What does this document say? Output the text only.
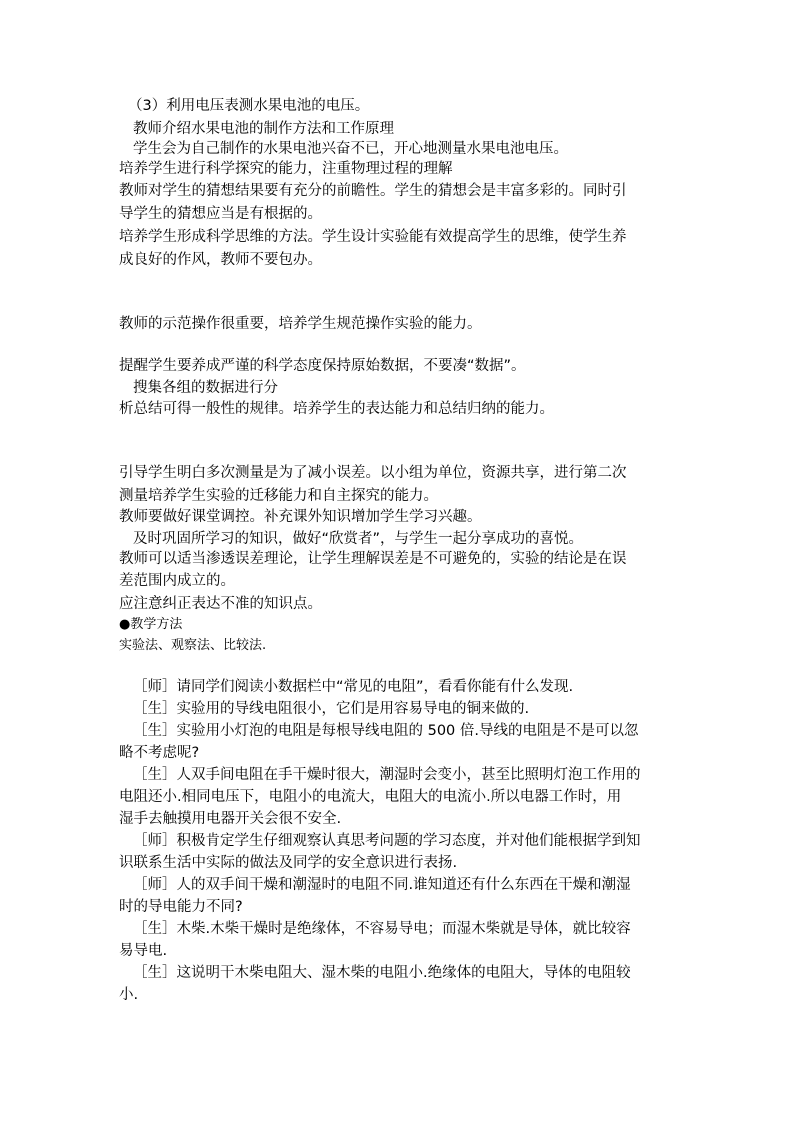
（3）利用电压表测水果电池的电压。
教师介绍水果电池的制作方法和工作原理
学生会为自己制作的水果电池兴奋不已，开心地测量水果电池电压。
培养学生进行科学探究的能力，注重物理过程的理解
教师对学生的猜想结果要有充分的前瞻性。学生的猜想会是丰富多彩的。同时引
导学生的猜想应当是有根据的。
培养学生形成科学思维的方法。学生设计实验能有效提高学生的思维，使学生养
成良好的作风，教师不要包办。
教师的示范操作很重要，培养学生规范操作实验的能力。
提醒学生要养成严谨的科学态度保持原始数据，不要凑“数据”。
搜集各组的数据进行分
析总结可得一般性的规律。培养学生的表达能力和总结归纳的能力。
引导学生明白多次测量是为了减小误差。以小组为单位，资源共享，进行第二次
测量培养学生实验的迁移能力和自主探究的能力。
教师要做好课堂调控。补充课外知识增加学生学习兴趣。
及时巩固所学习的知识，做好“欣赏者”，与学生一起分享成功的喜悦。
教师可以适当渗透误差理论，让学生理解误差是不可避免的，实验的结论是在误
差范围内成立的。
应注意纠正表达不准的知识点。
●教学方法
实验法、观察法、比较法.
［师］请同学们阅读小数据栏中“常见的电阻”，看看你能有什么发现.
［生］实验用的导线电阻很小，它们是用容易导电的铜来做的.
［生］实验用小灯泡的电阻是每根导线电阻的 500 倍.导线的电阻是不是可以忽
略不考虑呢?
［生］人双手间电阻在手干燥时很大，潮湿时会变小，甚至比照明灯泡工作用的
电阻还小.相同电压下，电阻小的电流大，电阻大的电流小.所以电器工作时，用
湿手去触摸用电器开关会很不安全.
［师］积极肯定学生仔细观察认真思考问题的学习态度，并对他们能根据学到知
识联系生活中实际的做法及同学的安全意识进行表扬.
［师］人的双手间干燥和潮湿时的电阻不同.谁知道还有什么东西在干燥和潮湿
时的导电能力不同?
［生］木柴.木柴干燥时是绝缘体，不容易导电；而湿木柴就是导体，就比较容
易导电.
［生］这说明干木柴电阻大、湿木柴的电阻小.绝缘体的电阻大，导体的电阻较
小.
